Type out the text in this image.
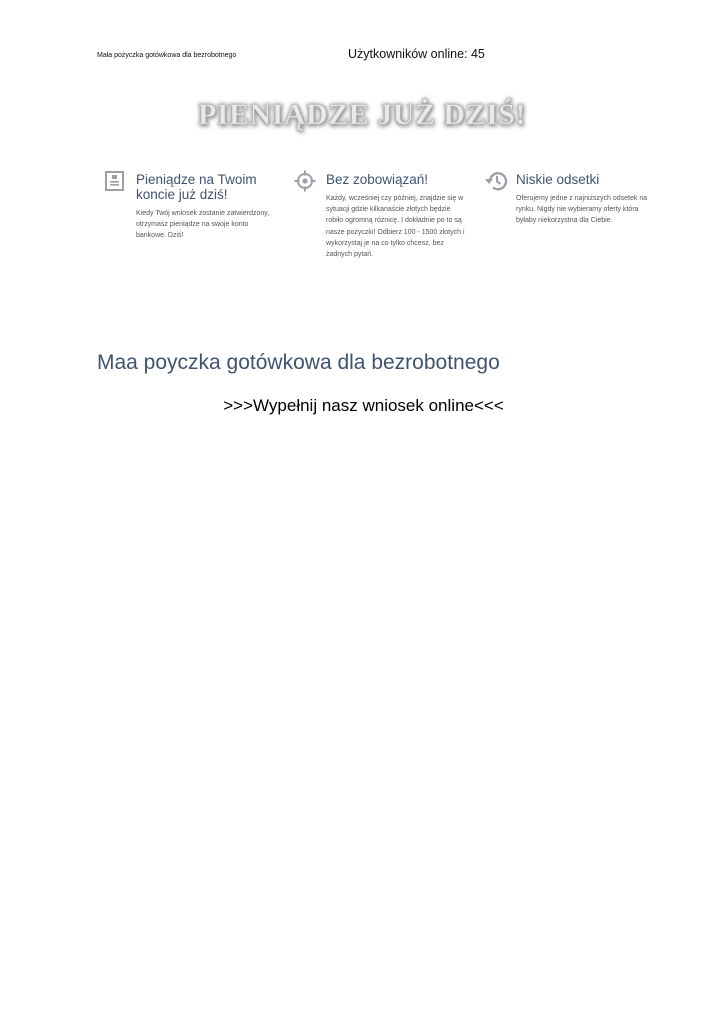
Mała pożyczka gotówkowa dla bezrobotnego	Użytkowników online: 45
PIENIĄDZE JUŻ DZIŚ!
Pieniądze na Twoim koncie już dziś!
Kiedy Twój wniosek zostanie zatwierdzony, otrzymasz pieniądze na swoje konto bankowe. Dziś!
Bez zobowiązań!
Każdy, wcześniej czy później, znajdzie się w sytuacji gdzie kilkanaście złotych będzie robiło ogromną różnicę. I dokładnie po to są nasze pożyczki! Odbierz 100 - 1500 złotych i wykorzystaj je na co tylko chcesz, bez żadnych pytań.
Niskie odsetki
Oferujemy jedne z najniższych odsetek na rynku. Nigdy nie wybieramy oferty która byłaby niekorzystna dla Ciebie.
Maa poyczka gotówkowa dla bezrobotnego
>>>Wypełnij nasz wniosek online<<<
